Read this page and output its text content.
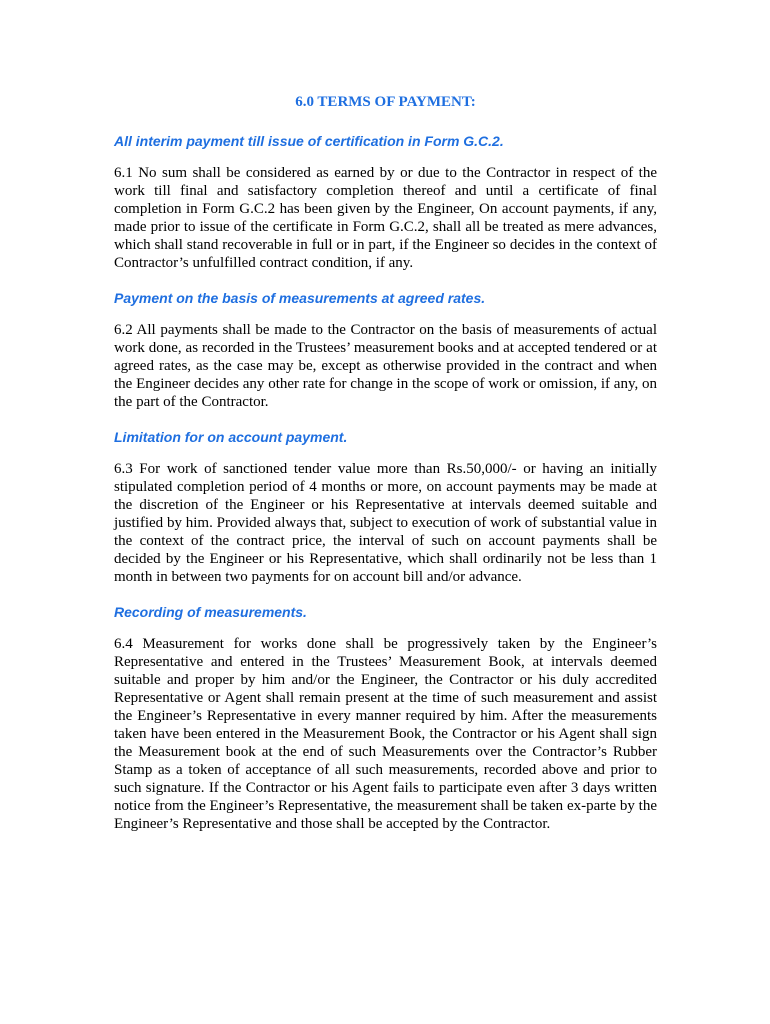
6.0 TERMS OF PAYMENT:
All interim payment till issue of certification in Form G.C.2.

6.1 No sum shall be considered as earned by or due to the Contractor in respect of the work till final and satisfactory completion thereof and until a certificate of final completion in Form G.C.2 has been given by the Engineer, On account payments, if any, made prior to issue of the certificate in Form G.C.2, shall all be treated as mere advances, which shall stand recoverable in full or in part, if the Engineer so decides in the context of Contractor’s unfulfilled contract condition, if any.

Payment on the basis of measurements at agreed rates.

6.2 All payments shall be made to the Contractor on the basis of measurements of actual work done, as recorded in the Trustees’ measurement books and at accepted tendered or at agreed rates, as the case may be, except as otherwise provided in the contract and when the Engineer decides any other rate for change in the scope of work or omission, if any, on the part of the Contractor.

Limitation for on account payment.

6.3 For work of sanctioned tender value more than Rs.50,000/- or having an initially stipulated completion period of 4 months or more, on account payments may be made at the discretion of the Engineer or his Representative at intervals deemed suitable and justified by him. Provided always that, subject to execution of work of substantial value in the context of the contract price, the interval of such on account payments shall be decided by the Engineer or his Representative, which shall ordinarily not be less than 1 month in between two payments for on account bill and/or advance.

Recording of measurements.

6.4 Measurement for works done shall be progressively taken by the Engineer’s Representative and entered in the Trustees’ Measurement Book, at intervals deemed suitable and proper by him and/or the Engineer, the Contractor or his duly accredited Representative or Agent shall remain present at the time of such measurement and assist the Engineer’s Representative in every manner required by him. After the measurements taken have been entered in the Measurement Book, the Contractor or his Agent shall sign the Measurement book at the end of such Measurements over the Contractor’s Rubber Stamp as a token of acceptance of all such measurements, recorded above and prior to such signature. If the Contractor or his Agent fails to participate even after 3 days written notice from the Engineer’s Representative, the measurement shall be taken ex-parte by the Engineer’s Representative and those shall be accepted by the Contractor.
